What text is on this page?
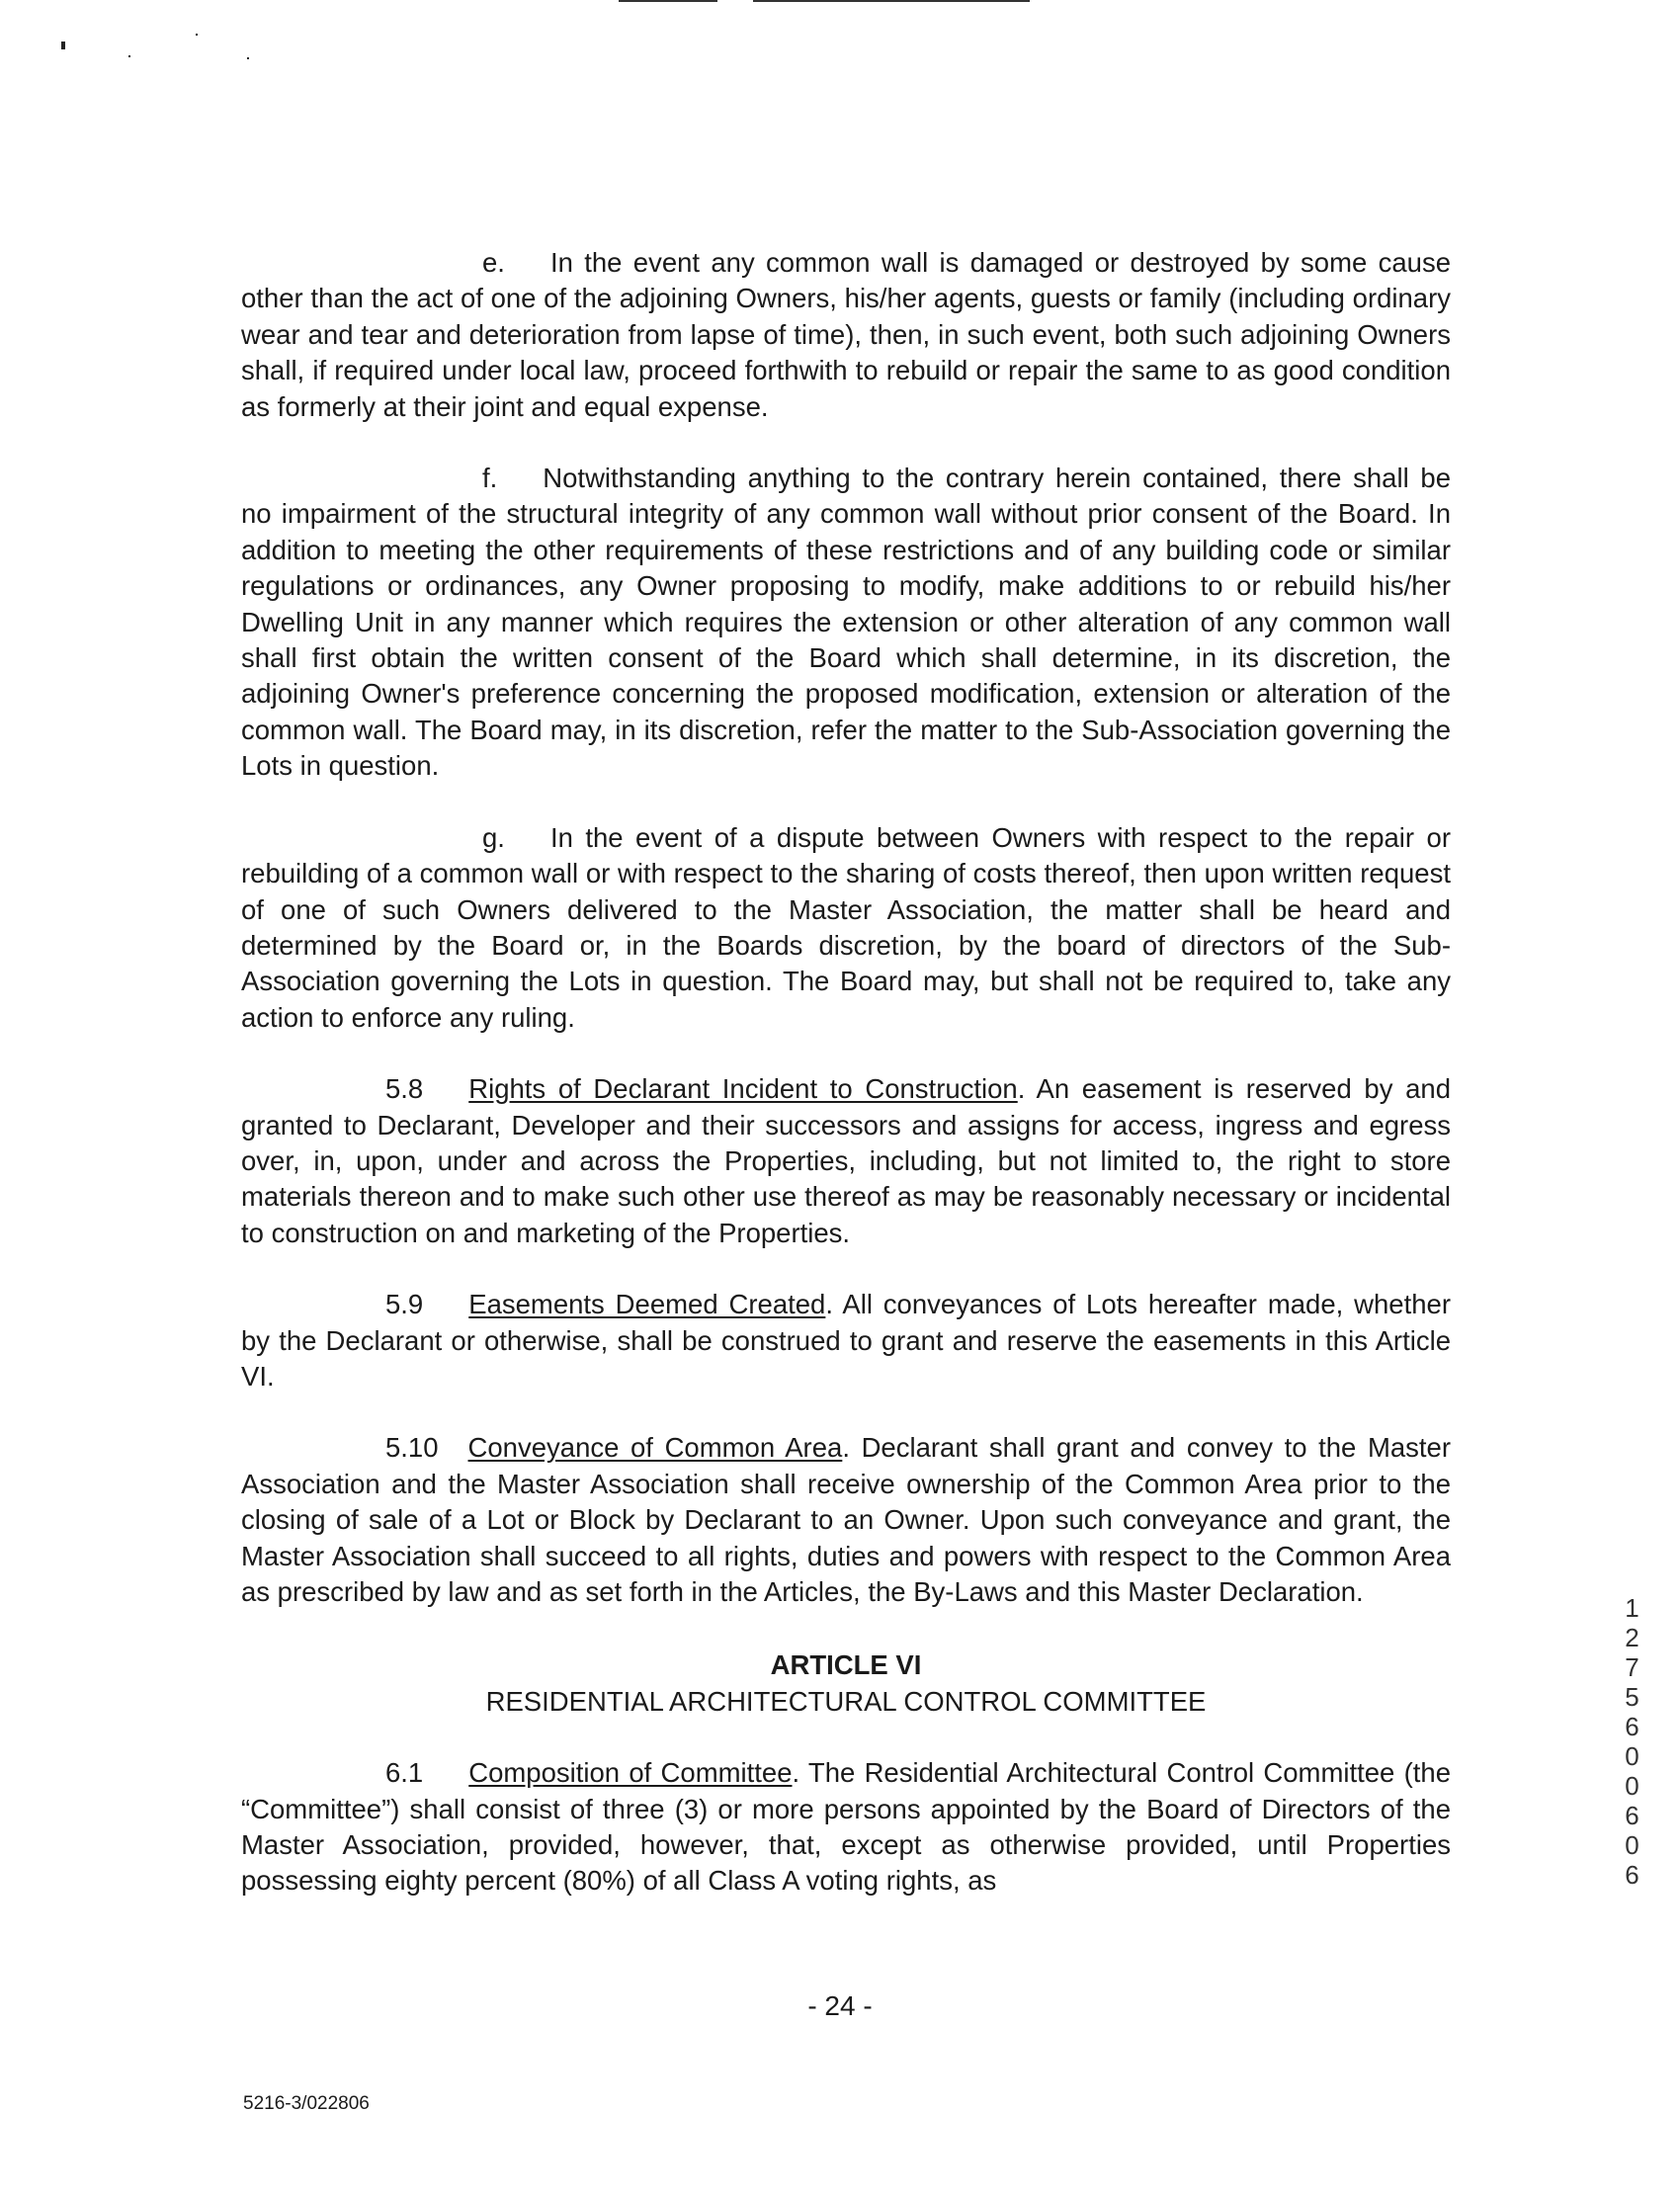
e. In the event any common wall is damaged or destroyed by some cause other than the act of one of the adjoining Owners, his/her agents, guests or family (including ordinary wear and tear and deterioration from lapse of time), then, in such event, both such adjoining Owners shall, if required under local law, proceed forthwith to rebuild or repair the same to as good condition as formerly at their joint and equal expense.

f. Notwithstanding anything to the contrary herein contained, there shall be no impairment of the structural integrity of any common wall without prior consent of the Board. In addition to meeting the other requirements of these restrictions and of any building code or similar regulations or ordinances, any Owner proposing to modify, make additions to or rebuild his/her Dwelling Unit in any manner which requires the extension or other alteration of any common wall shall first obtain the written consent of the Board which shall determine, in its discretion, the adjoining Owner's preference concerning the proposed modification, extension or alteration of the common wall. The Board may, in its discretion, refer the matter to the Sub-Association governing the Lots in question.

g. In the event of a dispute between Owners with respect to the repair or rebuilding of a common wall or with respect to the sharing of costs thereof, then upon written request of one of such Owners delivered to the Master Association, the matter shall be heard and determined by the Board or, in the Boards discretion, by the board of directors of the Sub-Association governing the Lots in question. The Board may, but shall not be required to, take any action to enforce any ruling.

5.8 Rights of Declarant Incident to Construction. An easement is reserved by and granted to Declarant, Developer and their successors and assigns for access, ingress and egress over, in, upon, under and across the Properties, including, but not limited to, the right to store materials thereon and to make such other use thereof as may be reasonably necessary or incidental to construction on and marketing of the Properties.

5.9 Easements Deemed Created. All conveyances of Lots hereafter made, whether by the Declarant or otherwise, shall be construed to grant and reserve the easements in this Article VI.

5.10 Conveyance of Common Area. Declarant shall grant and convey to the Master Association and the Master Association shall receive ownership of the Common Area prior to the closing of sale of a Lot or Block by Declarant to an Owner. Upon such conveyance and grant, the Master Association shall succeed to all rights, duties and powers with respect to the Common Area as prescribed by law and as set forth in the Articles, the By-Laws and this Master Declaration.

ARTICLE VI

RESIDENTIAL ARCHITECTURAL CONTROL COMMITTEE

6.1 Composition of Committee. The Residential Architectural Control Committee (the “Committee”) shall consist of three (3) or more persons appointed by the Board of Directors of the Master Association, provided, however, that, except as otherwise provided, until Properties possessing eighty percent (80%) of all Class A voting rights, as

- 24 -
5216-3/022806
12756
00606
